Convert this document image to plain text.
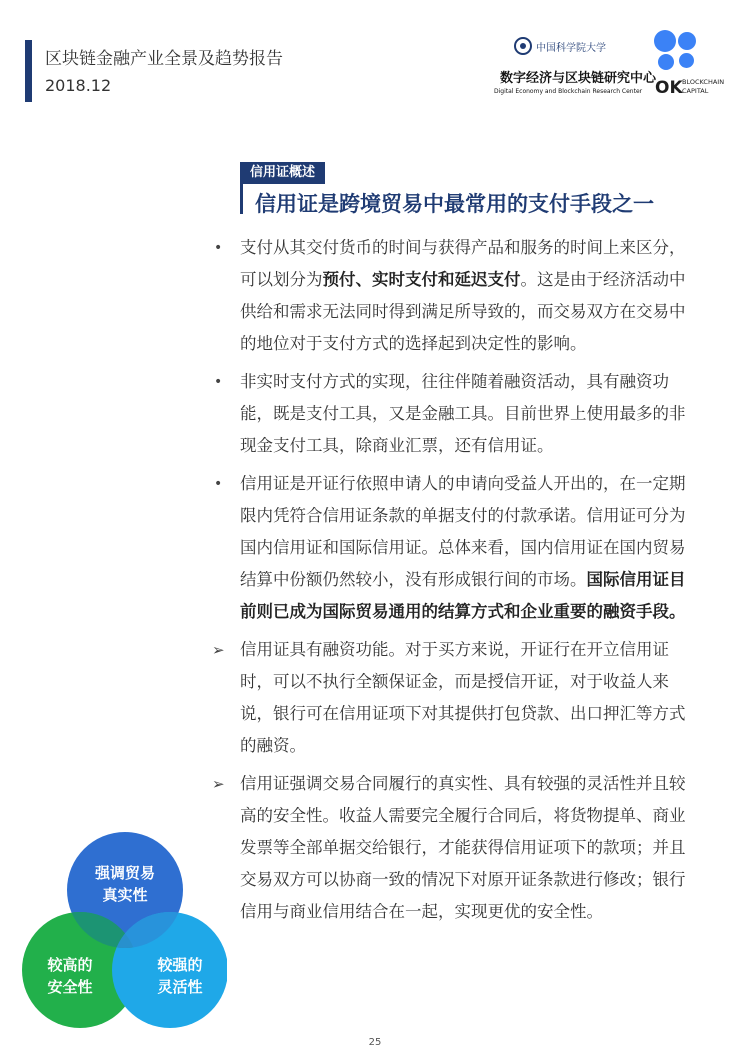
区块链金融产业全景及趋势报告
2018.12
中国科学院大学
数字经济与区块链研究中心
Digital Economy and Blockchain Research Center OK BLOCKCHAIN
CAPITAL
信用证概述
信用证是跨境贸易中最常用的支付手段之一
• 支付从其交付货币的时间与获得产品和服务的时间上来区分，可以划分为预付、实时支付和延迟支付。这是由于经济活动中供给和需求无法同时得到满足所导致的，而交易双方在交易中的地位对于支付方式的选择起到决定性的影响。
• 非实时支付方式的实现，往往伴随着融资活动，具有融资功能，既是支付工具，又是金融工具。目前世界上使用最多的非现金支付工具，除商业汇票，还有信用证。
• 信用证是开证行依照申请人的申请向受益人开出的，在一定期限内凭符合信用证条款的单据支付的付款承诺。信用证可分为国内信用证和国际信用证。总体来看，国内信用证在国内贸易结算中份额仍然较小，没有形成银行间的市场。国际信用证目前则已成为国际贸易通用的结算方式和企业重要的融资手段。
➢ 信用证具有融资功能。对于买方来说，开证行在开立信用证时，可以不执行全额保证金，而是授信开证，对于收益人来说，银行可在信用证项下对其提供打包贷款、出口押汇等方式的融资。
➢ 信用证强调交易合同履行的真实性、具有较强的灵活性并且较高的安全性。收益人需要完全履行合同后，将货物提单、商业发票等全部单据交给银行，才能获得信用证项下的款项；并且交易双方可以协商一致的情况下对原开证条款进行修改；银行信用与商业信用结合在一起，实现更优的安全性。
强调贸易
真实性
较高的
安全性
较强的
灵活性
25
